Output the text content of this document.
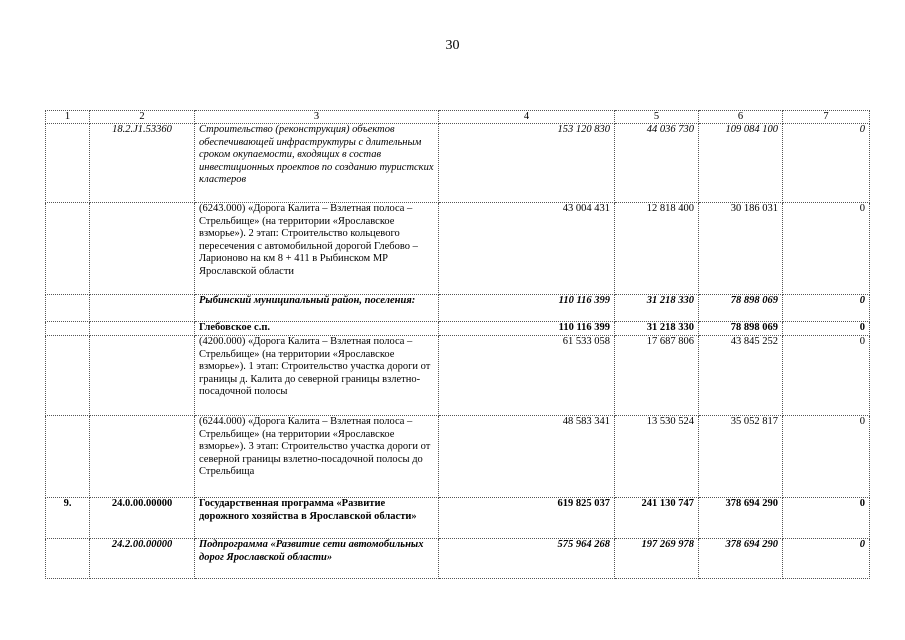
30
1	2	3	4	5	6	7
	18.2.J1.53360	Строительство (реконструкция) объектов обеспечивающей инфраструктуры с длительным сроком окупаемости, входящих в состав инвестиционных проектов по созданию туристских кластеров	153 120 830	44 036 730	109 084 100	0
		(6243.000) «Дорога Калита – Взлетная полоса – Стрельбище» (на территории «Ярославское взморье»). 2 этап: Строительство кольцевого пересечения с автомобильной дорогой Глебово – Ларионово на км 8 + 411 в Рыбинском МР Ярославской области	43 004 431	12 818 400	30 186 031	0
		Рыбинский муниципальный район, поселения:	110 116 399	31 218 330	78 898 069	0
		Глебовское с.п.	110 116 399	31 218 330	78 898 069	0
		(4200.000) «Дорога Калита – Взлетная полоса – Стрельбище» (на территории «Ярославское взморье»). 1 этап: Строительство участка дороги от границы д. Калита до северной границы взлетно-посадочной полосы	61 533 058	17 687 806	43 845 252	0
		(6244.000) «Дорога Калита – Взлетная полоса – Стрельбище» (на территории «Ярославское взморье»). 3 этап: Строительство участка дороги от северной границы взлетно-посадочной полосы до Стрельбища	48 583 341	13 530 524	35 052 817	0
9.	24.0.00.00000	Государственная программа «Развитие дорожного хозяйства в Ярославской области»	619 825 037	241 130 747	378 694 290	0
	24.2.00.00000	Подпрограмма «Развитие сети автомобильных дорог Ярославской области»	575 964 268	197 269 978	378 694 290	0
